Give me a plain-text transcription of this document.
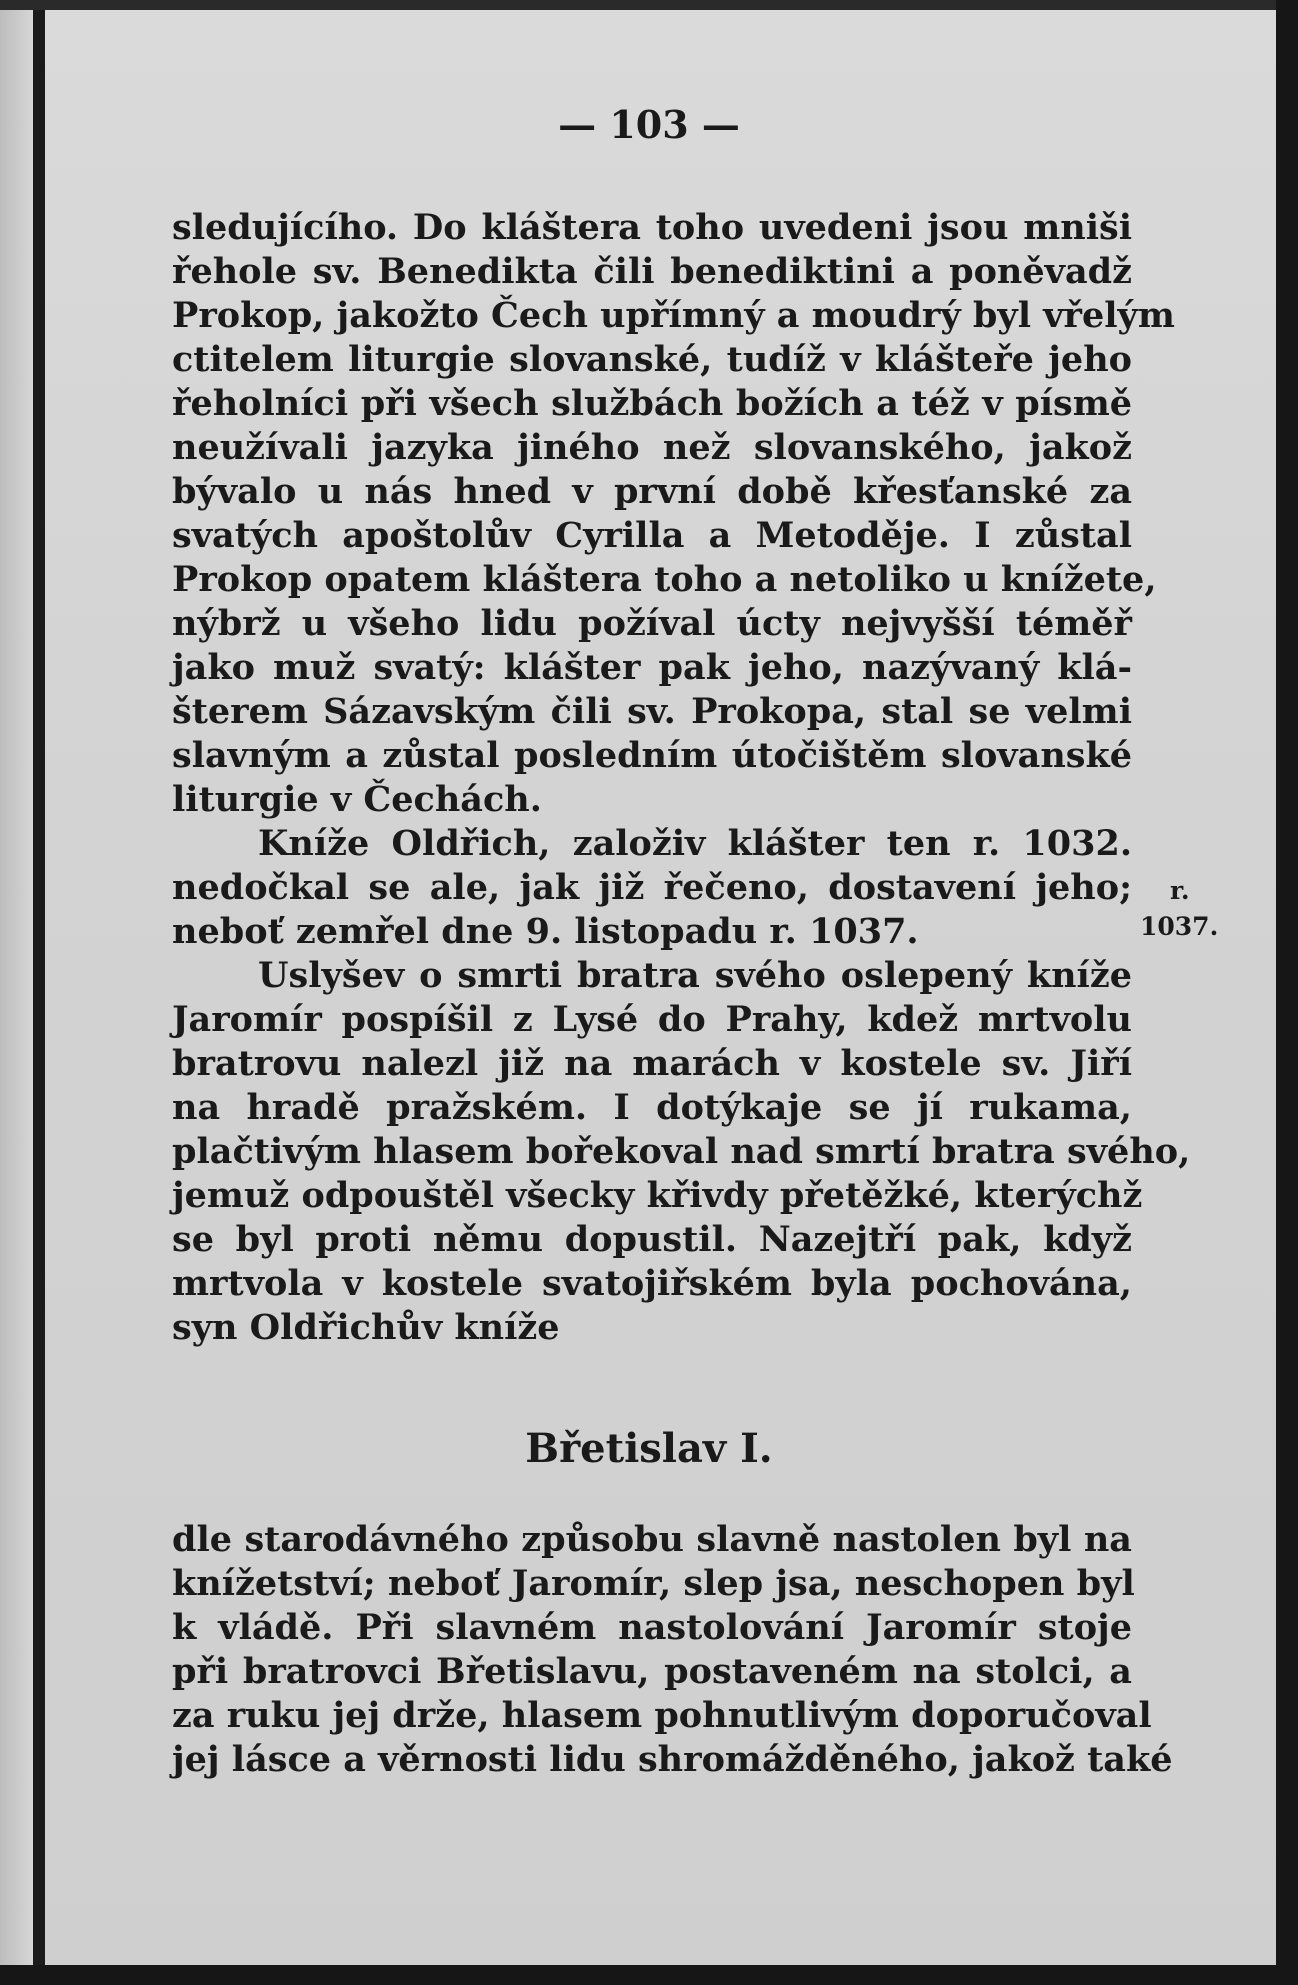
— 103 —
sledujícího. Do kláštera toho uvedeni jsou mniši
řehole sv. Benedikta čili benediktini a poněvadž
Prokop, jakožto Čech upřímný a moudrý byl vřelým
ctitelem liturgie slovanské, tudíž v klášteře jeho
řeholníci při všech službách božích a též v písmě
neužívali jazyka jiného než slovanského, jakož
bývalo u nás hned v první době křesťanské za
svatých apoštolův Cyrilla a Metoděje. I zůstal
Prokop opatem kláštera toho a netoliko u knížete,
nýbrž u všeho lidu požíval úcty nejvyšší téměř
jako muž svatý: klášter pak jeho, nazývaný klá-
šterem Sázavským čili sv. Prokopa, stal se velmi
slavným a zůstal posledním útočištěm slovanské
liturgie v Čechách.
Kníže Oldřich, založiv klášter ten r. 1032.
nedočkal se ale, jak již řečeno, dostavení jeho;
neboť zemřel dne 9. listopadu r. 1037.
r.
1037.
Uslyšev o smrti bratra svého oslepený kníže
Jaromír pospíšil z Lysé do Prahy, kdež mrtvolu
bratrovu nalezl již na marách v kostele sv. Jiří
na hradě pražském. I dotýkaje se jí rukama,
plačtivým hlasem bořekoval nad smrtí bratra svého,
jemuž odpouštěl všecky křivdy přetěžké, kterýchž
se byl proti němu dopustil. Nazejtří pak, když
mrtvola v kostele svatojiřském byla pochována,
syn Oldřichův kníže
Břetislav I.
dle starodávného způsobu slavně nastolen byl na
knížetství; neboť Jaromír, slep jsa, neschopen byl
k vládě. Při slavném nastolování Jaromír stoje
při bratrovci Břetislavu, postaveném na stolci, a
za ruku jej drže, hlasem pohnutlivým doporučoval
jej lásce a věrnosti lidu shromážděného, jakož také
